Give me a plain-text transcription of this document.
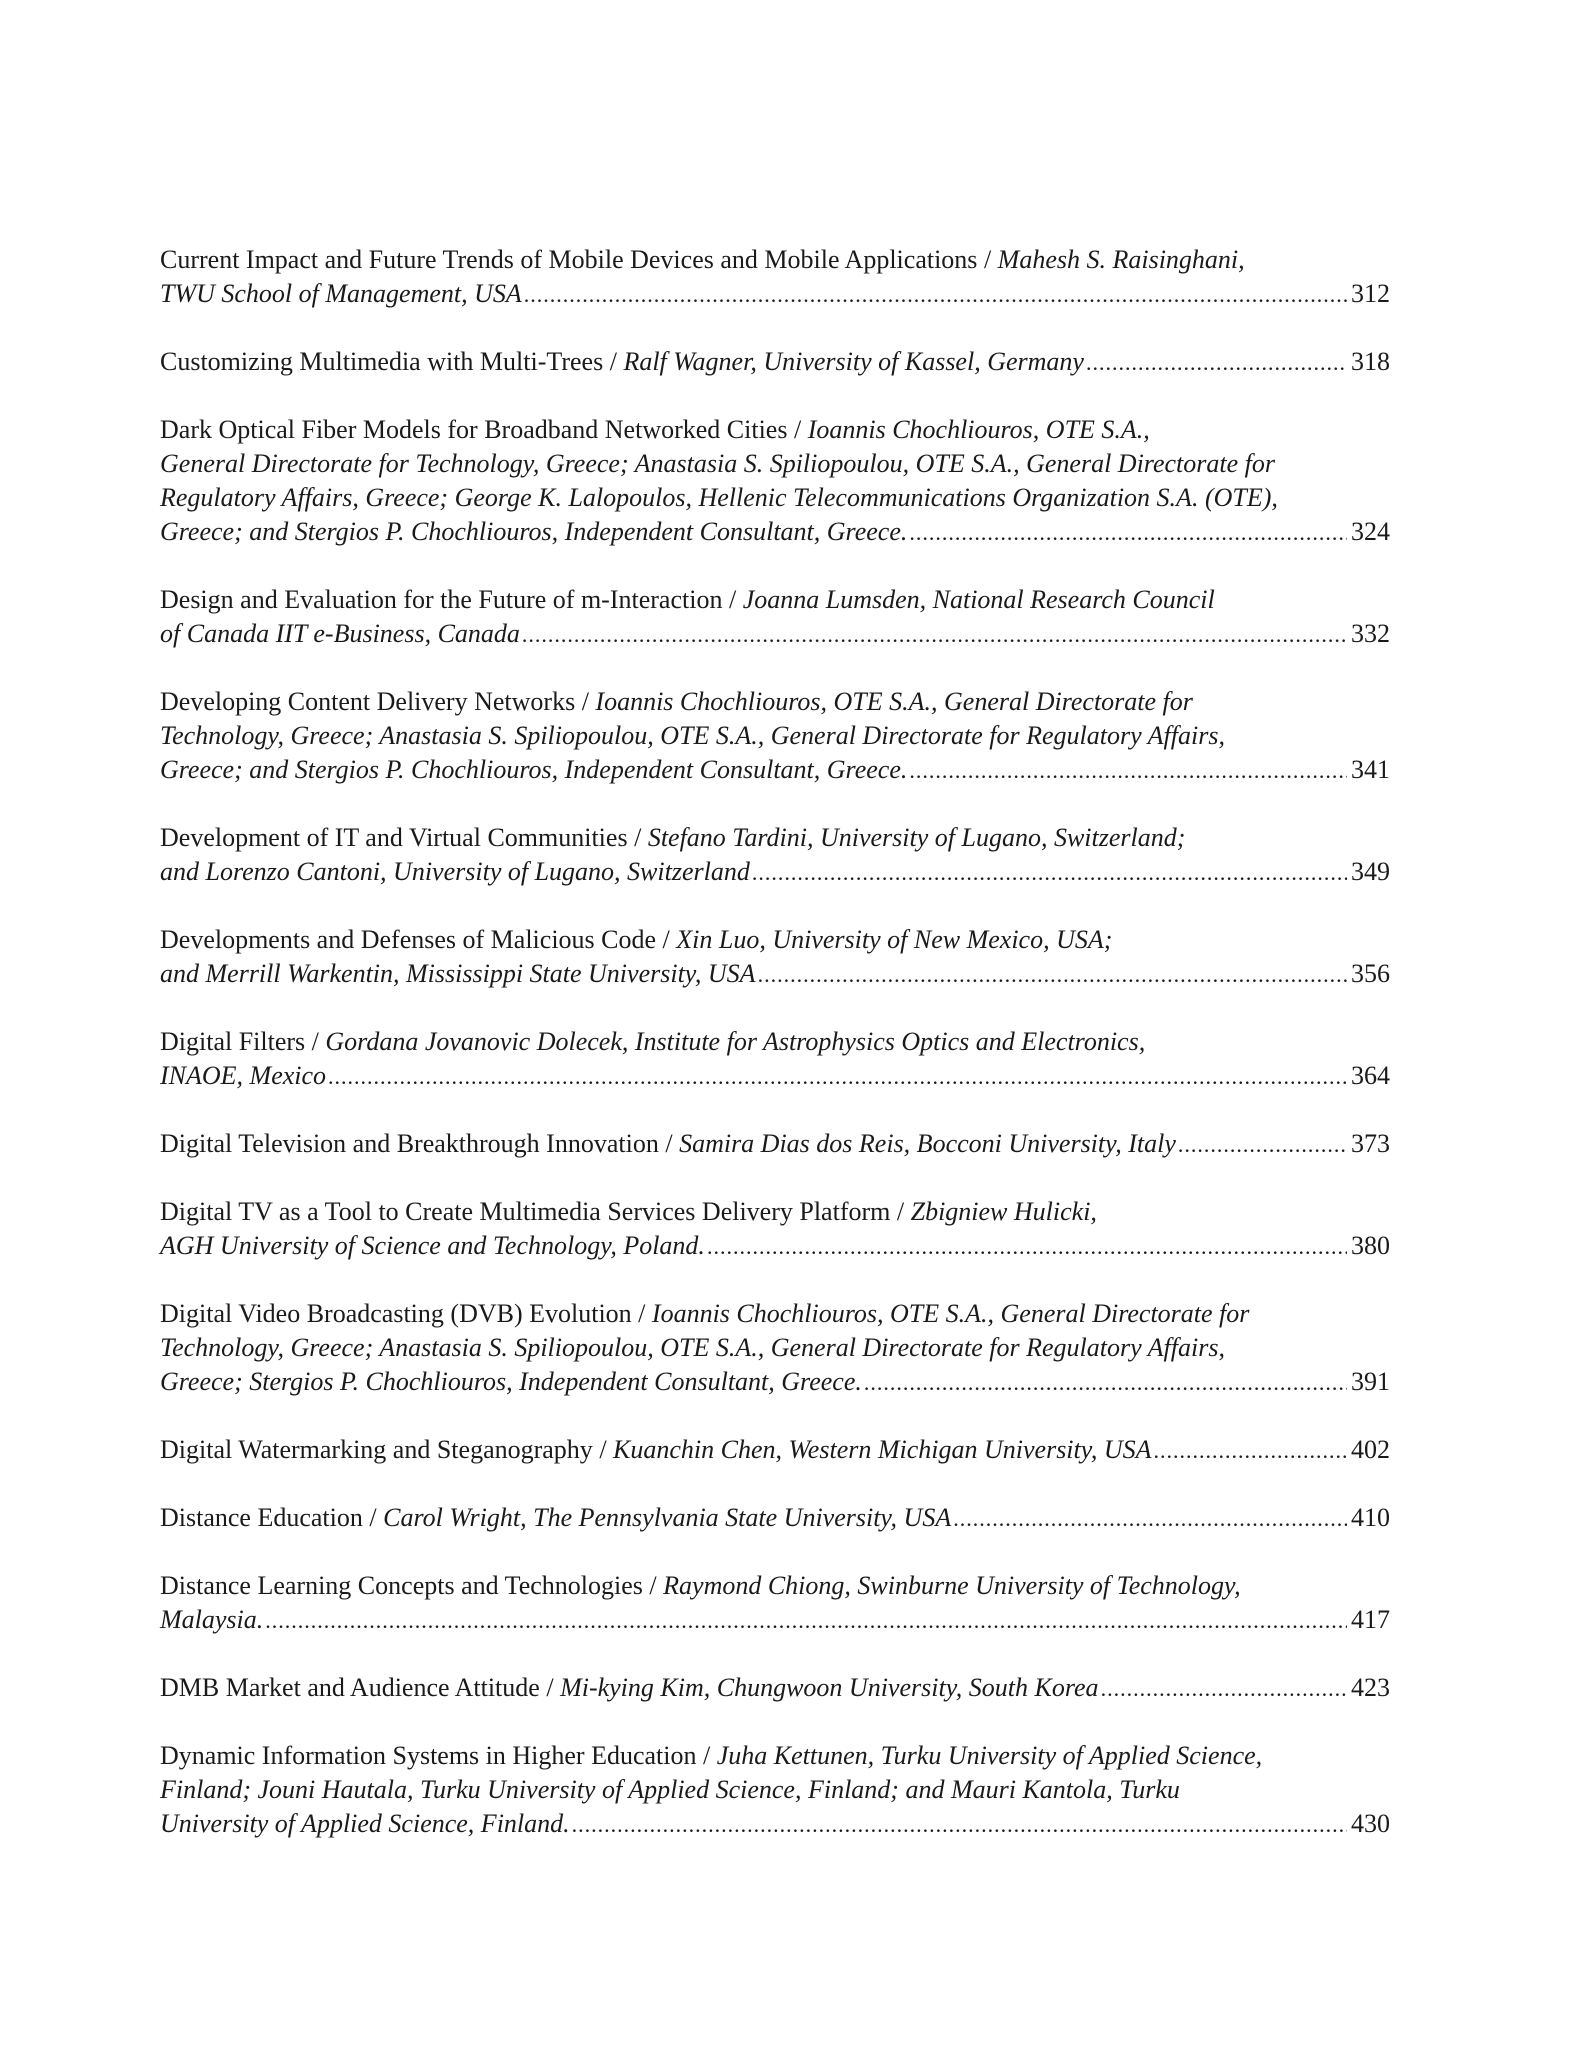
Current Impact and Future Trends of Mobile Devices and Mobile Applications / Mahesh S. Raisinghani,
TWU School of Management, USA .....	312
Customizing Multimedia with Multi-Trees / Ralf Wagner, University of Kassel, Germany .....	318
Dark Optical Fiber Models for Broadband Networked Cities / Ioannis Chochliouros, OTE S.A.,
General Directorate for Technology, Greece; Anastasia S. Spiliopoulou, OTE S.A., General Directorate for
Regulatory Affairs, Greece; George K. Lalopoulos, Hellenic Telecommunications Organization S.A. (OTE),
Greece; and Stergios P. Chochliouros, Independent Consultant, Greece. .....	324
Design and Evaluation for the Future of m-Interaction / Joanna Lumsden, National Research Council
of Canada IIT e-Business, Canada .....	332
Developing Content Delivery Networks / Ioannis Chochliouros, OTE S.A., General Directorate for
Technology, Greece; Anastasia S. Spiliopoulou, OTE S.A., General Directorate for Regulatory Affairs,
Greece; and Stergios P. Chochliouros, Independent Consultant, Greece. .....	341
Development of IT and Virtual Communities / Stefano Tardini, University of Lugano, Switzerland;
and Lorenzo Cantoni, University of Lugano, Switzerland .....	349
Developments and Defenses of Malicious Code / Xin Luo, University of New Mexico, USA;
and Merrill Warkentin, Mississippi State University, USA .....	356
Digital Filters / Gordana Jovanovic Dolecek, Institute for Astrophysics Optics and Electronics,
INAOE, Mexico .....	364
Digital Television and Breakthrough Innovation / Samira Dias dos Reis, Bocconi University, Italy .....	373
Digital TV as a Tool to Create Multimedia Services Delivery Platform / Zbigniew Hulicki,
AGH University of Science and Technology, Poland. .....	380
Digital Video Broadcasting (DVB) Evolution / Ioannis Chochliouros, OTE S.A., General Directorate for
Technology, Greece; Anastasia S. Spiliopoulou, OTE S.A., General Directorate for Regulatory Affairs,
Greece; Stergios P. Chochliouros, Independent Consultant, Greece. .....	391
Digital Watermarking and Steganography / Kuanchin Chen, Western Michigan University, USA .....	402
Distance Education / Carol Wright, The Pennsylvania State University, USA .....	410
Distance Learning Concepts and Technologies / Raymond Chiong, Swinburne University of Technology,
Malaysia. .....	417
DMB Market and Audience Attitude / Mi-kying Kim, Chungwoon University, South Korea .....	423
Dynamic Information Systems in Higher Education / Juha Kettunen, Turku University of Applied Science,
Finland; Jouni Hautala, Turku University of Applied Science, Finland; and Mauri Kantola, Turku
University of Applied Science, Finland. .....	430
